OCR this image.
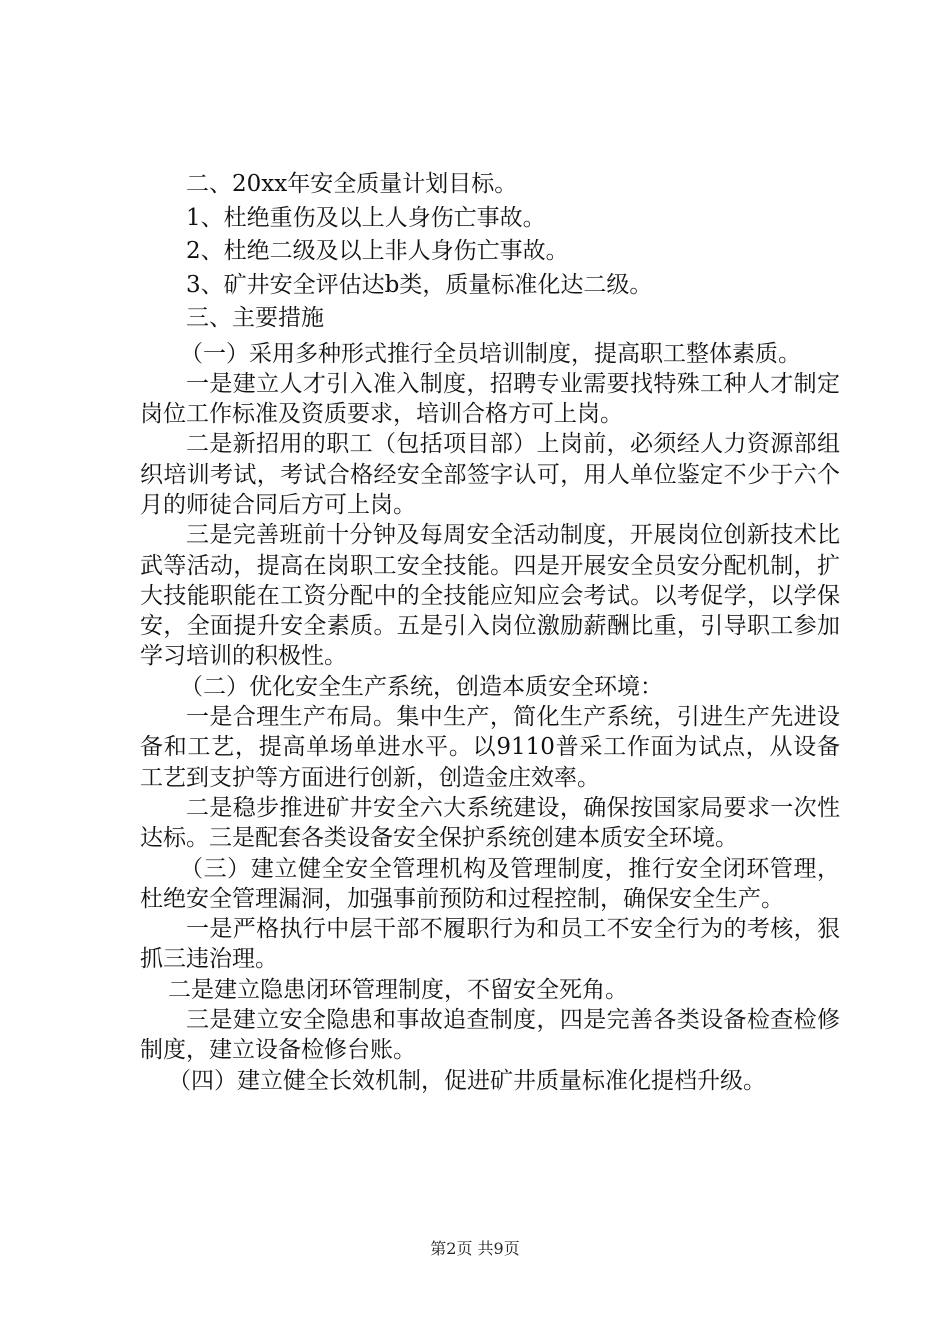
二、20xx年安全质量计划目标。

1、杜绝重伤及以上人身伤亡事故。

2、杜绝二级及以上非人身伤亡事故。

3、矿井安全评估达b类，质量标准化达二级。

三、主要措施

（一）采用多种形式推行全员培训制度，提高职工整体素质。

一是建立人才引入准入制度，招聘专业需要找特殊工种人才制定岗位工作标准及资质要求，培训合格方可上岗。

二是新招用的职工（包括项目部）上岗前，必须经人力资源部组织培训考试，考试合格经安全部签字认可，用人单位鉴定不少于六个月的师徒合同后方可上岗。

三是完善班前十分钟及每周安全活动制度，开展岗位创新技术比武等活动，提高在岗职工安全技能。四是开展安全员安分配机制，扩大技能职能在工资分配中的全技能应知应会考试。以考促学，以学保安，全面提升安全素质。五是引入岗位激励薪酬比重，引导职工参加学习培训的积极性。

（二）优化安全生产系统，创造本质安全环境：

一是合理生产布局。集中生产，简化生产系统，引进生产先进设备和工艺，提高单场单进水平。以9110普采工作面为试点，从设备工艺到支护等方面进行创新，创造金庄效率。

二是稳步推进矿井安全六大系统建设，确保按国家局要求一次性达标。三是配套各类设备安全保护系统创建本质安全环境。

（三）建立健全安全管理机构及管理制度，推行安全闭环管理，杜绝安全管理漏洞，加强事前预防和过程控制，确保安全生产。

一是严格执行中层干部不履职行为和员工不安全行为的考核，狠抓三违治理。

二是建立隐患闭环管理制度，不留安全死角。

三是建立安全隐患和事故追查制度，四是完善各类设备检查检修制度，建立设备检修台账。

（四）建立健全长效机制，促进矿井质量标准化提档升级。

第2页 共9页
